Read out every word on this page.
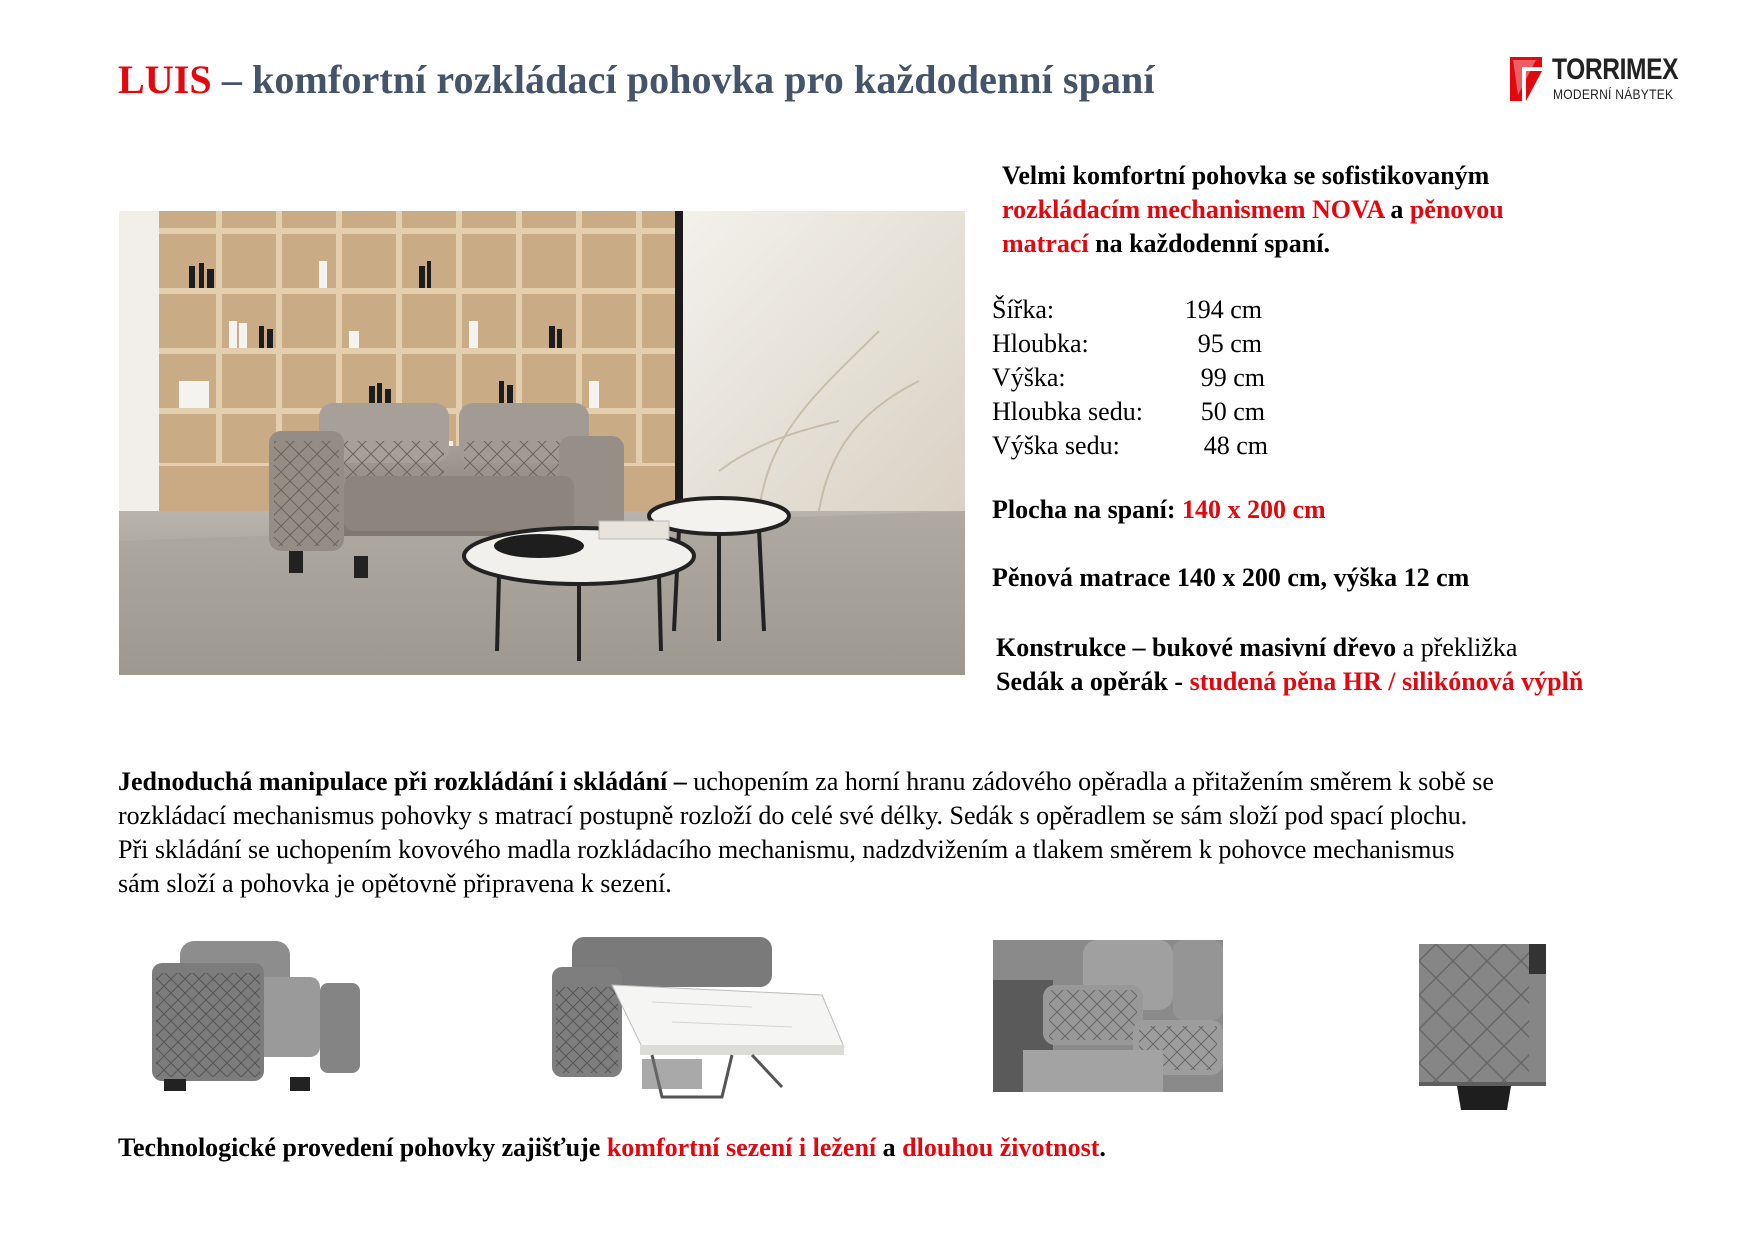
LUIS – komfortní rozkládací pohovka pro každodenní spaní	TORRIMEX
MODERNÍ NÁBYTEK
Velmi komfortní pohovka se sofistikovaným
rozkládacím mechanismem NOVA a pěnovou
matrací na každodenní spaní.
Šířka:	194 cm
Hloubka:	95 cm
Výška:	99 cm
Hloubka sedu: 50 cm
Výška sedu:	48 cm
Plocha na spaní: 140 x 200 cm
Pěnová matrace 140 x 200 cm, výška 12 cm
Konstrukce – bukové masivní dřevo a překližka
Sedák a opěrák - studená pěna HR / silikónová výplň

Jednoduchá manipulace při rozkládání i skládání – uchopením za horní hranu zádového opěradla a přitažením směrem k sobě se

rozkládací mechanismus pohovky s matrací postupně rozloží do celé své délky. Sedák s opěradlem se sám složí pod spací plochu.

Při skládání se uchopením kovového madla rozkládacího mechanismu, nadzdvižením a tlakem směrem k pohovce mechanismus

sám složí a pohovka je opětovně připravena k sezení.

Technologické provedení pohovky zajišťuje komfortní sezení i ležení a dlouhou životnost.
